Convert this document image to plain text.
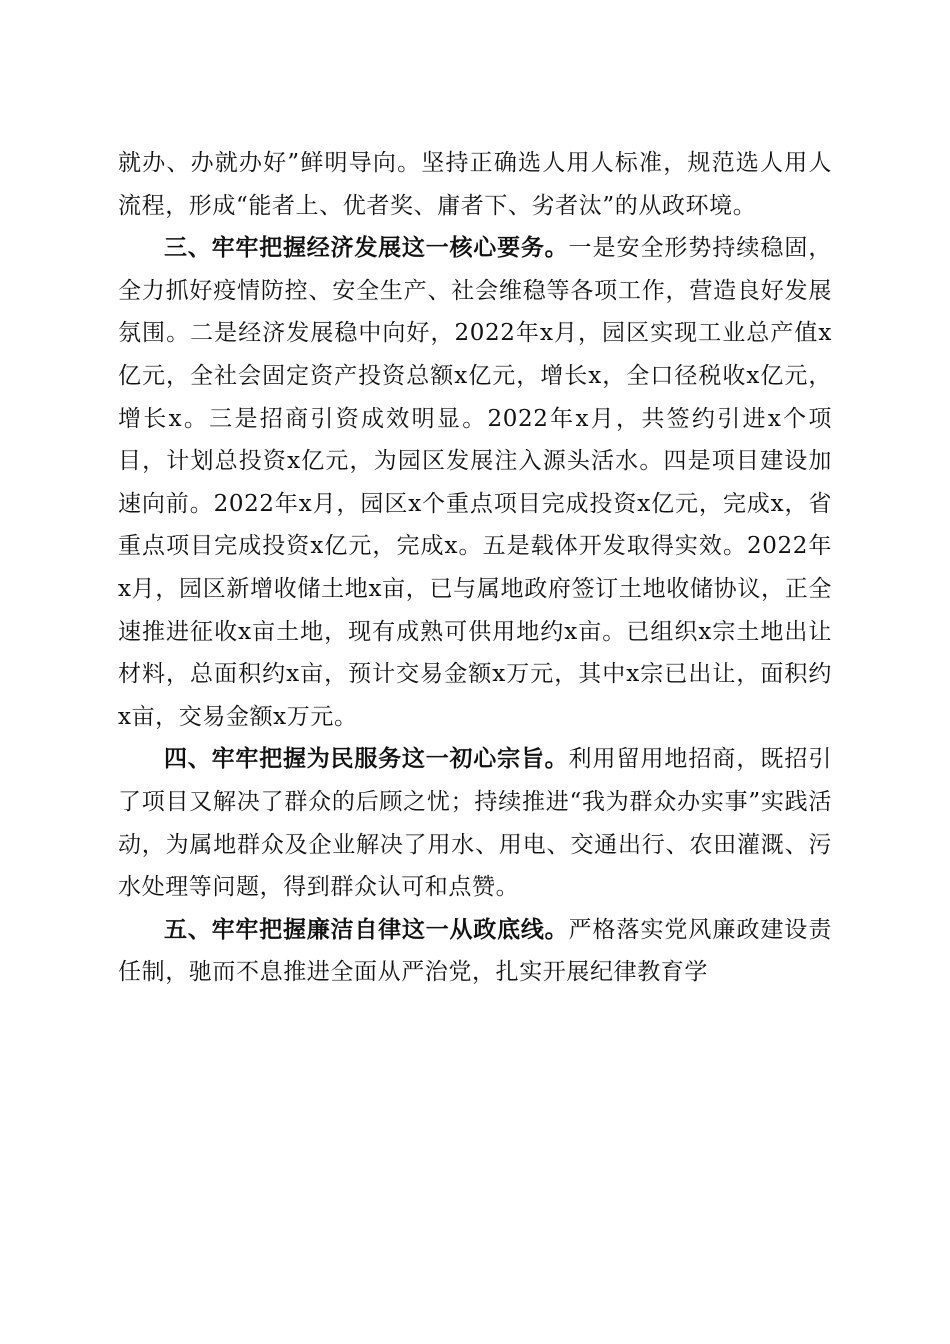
就办、办就办好”鲜明导向。坚持正确选人用人标准，规范选人用人流程，形成“能者上、优者奖、庸者下、劣者汰”的从政环境。

三、牢牢把握经济发展这一核心要务。一是安全形势持续稳固，全力抓好疫情防控、安全生产、社会维稳等各项工作，营造良好发展氛围。二是经济发展稳中向好，2022年x月，园区实现工业总产值x亿元，全社会固定资产投资总额x亿元，增长x，全口径税收x亿元，增长x。三是招商引资成效明显。2022年x月，共签约引进x个项目，计划总投资x亿元，为园区发展注入源头活水。四是项目建设加速向前。2022年x月，园区x个重点项目完成投资x亿元，完成x，省重点项目完成投资x亿元，完成x。五是载体开发取得实效。2022年x月，园区新增收储土地x亩，已与属地政府签订土地收储协议，正全速推进征收x亩土地，现有成熟可供用地约x亩。已组织x宗土地出让材料，总面积约x亩，预计交易金额x万元，其中x宗已出让，面积约x亩，交易金额x万元。

四、牢牢把握为民服务这一初心宗旨。利用留用地招商，既招引了项目又解决了群众的后顾之忧；持续推进“我为群众办实事”实践活动，为属地群众及企业解决了用水、用电、交通出行、农田灌溉、污水处理等问题，得到群众认可和点赞。

五、牢牢把握廉洁自律这一从政底线。严格落实党风廉政建设责任制，驰而不息推进全面从严治党，扎实开展纪律教育学
